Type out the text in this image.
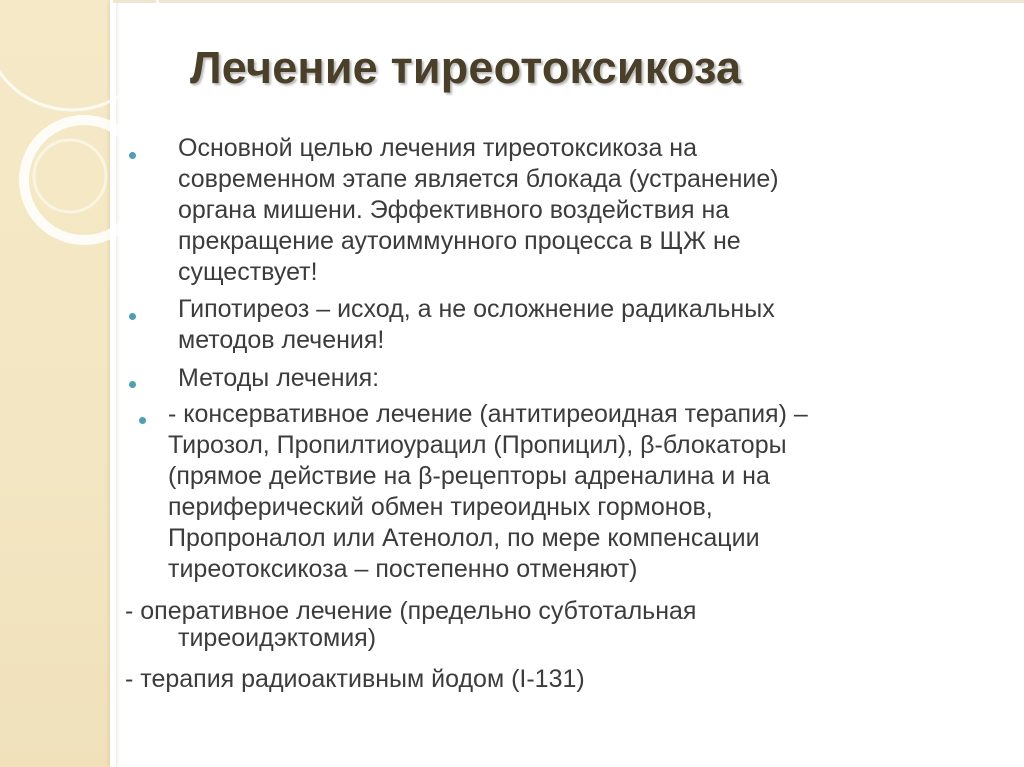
Лечение тиреотоксикоза

Основной целью лечения тиреотоксикоза на

современном этапе является блокада (устранение)

органа мишени. Эффективного воздействия на

прекращение аутоиммунного процесса в ЩЖ не

существует!

Гипотиреоз – исход, а не осложнение радикальных

методов лечения!

Методы лечения:

- консервативное лечение (антитиреоидная терапия) –

Тирозол, Пропилтиоурацил (Пропицил), β-блокаторы

(прямое действие на β-рецепторы адреналина и на

периферический обмен тиреоидных гормонов,

Пропроналол или Атенолол, по мере компенсации

тиреотоксикоза – постепенно отменяют)

- оперативное лечение (предельно субтотальная

тиреоидэктомия)

- терапия радиоактивным йодом (I-131)
